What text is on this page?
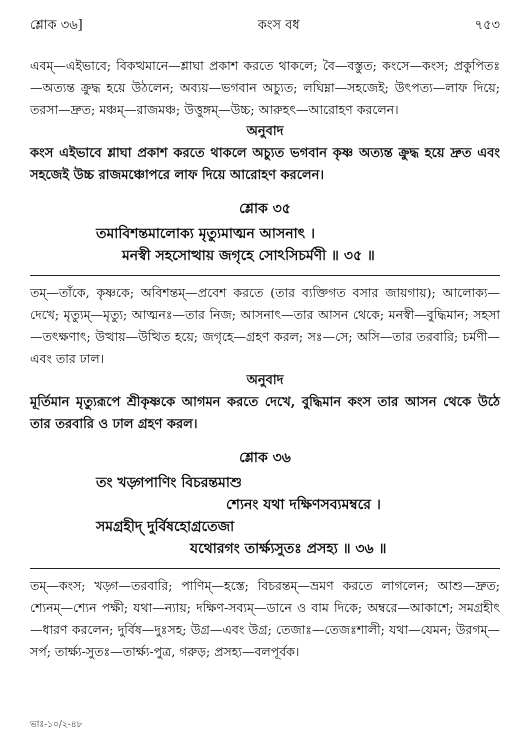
শ্লোক ৩৬]	কংস বধ	৭৫৩

এবম্—এইভাবে; বিকত্থমানে—শ্লাঘা প্রকাশ করতে থাকলে; বৈ—বস্তুত; কংসে—কংস; প্রকুপিতঃ—অত্যন্ত ক্রুদ্ধ হয়ে উঠলেন; অব্যয়—ভগবান অচ্যুত; লঘিম্না—সহজেই; উৎপত্য—লাফ দিয়ে; তরসা—দ্রুত; মঞ্চম্—রাজমঞ্চ; উত্তুঙ্গম্—উচ্চ; আরুহৎ—আরোহণ করলেন।

অনুবাদ

কংস এইভাবে শ্লাঘা প্রকাশ করতে থাকলে অচ্যুত ভগবান কৃষ্ণ অত্যন্ত ক্রুদ্ধ হয়ে দ্রুত এবং সহজেই উচ্চ রাজমঞ্চোপরে লাফ দিয়ে আরোহণ করলেন।

শ্লোক ৩৫

তমাবিশন্তমালোক্য মৃত্যুমাত্মন আসনাৎ ।

মনস্বী সহসোত্থায় জগৃহে সোঽসিচর্মণী ॥ ৩৫ ॥

তম্—তাঁকে, কৃষ্ণকে; অবিশন্তম্—প্রবেশ করতে (তার ব্যক্তিগত বসার জায়গায়); আলোক্য—দেখে; মৃত্যুম্—মৃত্যু; আত্মনঃ—তার নিজ; আসনাৎ—তার আসন থেকে; মনস্বী—বুদ্ধিমান; সহসা—তৎক্ষণাৎ; উত্থায়—উত্থিত হয়ে; জগৃহে—গ্রহণ করল; সঃ—সে; অসি—তার তরবারি; চর্মণী—এবং তার ঢাল।

অনুবাদ

মূর্তিমান মৃত্যুরূপে শ্রীকৃষ্ণকে আগমন করতে দেখে, বুদ্ধিমান কংস তার আসন থেকে উঠে তার তরবারি ও ঢাল গ্রহণ করল।

শ্লোক ৩৬

তং খড়্গপাণিং বিচরন্তমাশু

শ্যেনং যথা দক্ষিণসব্যমম্বরে ।

সমগ্রহীদ্ দুর্বিষহোগ্রতেজা

যথোরগং তার্ক্ষ্যসুতঃ প্রসহ্য ॥ ৩৬ ॥

তম্—কংস; খড়্গ—তরবারি; পাণিম্—হস্তে; বিচরন্তম্—ভ্রমণ করতে লাগলেন; আশু—দ্রুত; শ্যেনম্—শ্যেন পক্ষী; যথা—ন্যায়; দক্ষিণ-সব্যম্—ডানে ও বাম দিকে; অম্বরে—আকাশে; সমগ্রহীৎ—ধারণ করলেন; দুর্বিষ—দুঃসহ; উগ্র—এবং উগ্র; তেজাঃ—তেজঃশালী; যথা—যেমন; উরগম্—সর্প; তার্ক্ষ্য-সুতঃ—তার্ক্ষ্য-পুত্র, গরুড়; প্রসহ্য—বলপূর্বক।

ভাঃ-১০/২-৪৮
